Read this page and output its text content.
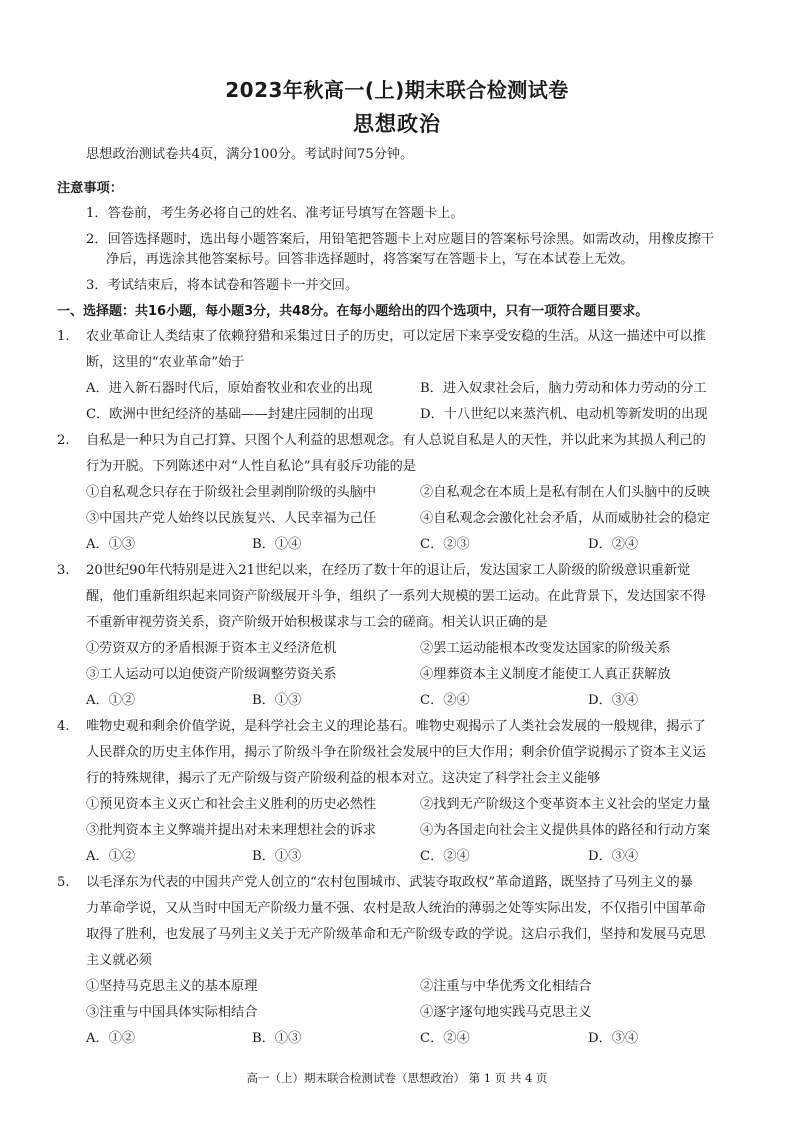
2023年秋高一(上)期末联合检测试卷
思想政治
思想政治测试卷共4页，满分100分。考试时间75分钟。
注意事项：
1．答卷前，考生务必将自己的姓名、准考证号填写在答题卡上。
2．回答选择题时，选出每小题答案后，用铅笔把答题卡上对应题目的答案标号涂黑。如需改动，用橡皮擦干
净后，再选涂其他答案标号。回答非选择题时，将答案写在答题卡上，写在本试卷上无效。
3．考试结束后，将本试卷和答题卡一并交回。
一、选择题：共16小题，每小题3分，共48分。在每小题给出的四个选项中，只有一项符合题目要求。
1. 农业革命让人类结束了依赖狩猎和采集过日子的历史，可以定居下来享受安稳的生活。从这一描述中可以推
断，这里的“农业革命”始于
A．进入新石器时代后，原始畜牧业和农业的出现	B．进入奴隶社会后，脑力劳动和体力劳动的分工
C．欧洲中世纪经济的基础——封建庄园制的出现	D．十八世纪以来蒸汽机、电动机等新发明的出现
2. 自私是一种只为自己打算、只图个人利益的思想观念。有人总说自私是人的天性，并以此来为其损人利己的
行为开脱。下列陈述中对“人性自私论”具有驳斥功能的是
①自私观念只存在于阶级社会里剥削阶级的头脑中	②自私观念在本质上是私有制在人们头脑中的反映
③中国共产党人始终以民族复兴、人民幸福为己任	④自私观念会激化社会矛盾，从而威胁社会的稳定
A．①③	B．①④	C．②③	D．②④
3. 20世纪90年代特别是进入21世纪以来，在经历了数十年的退让后，发达国家工人阶级的阶级意识重新觉
醒，他们重新组织起来同资产阶级展开斗争，组织了一系列大规模的罢工运动。在此背景下，发达国家不得
不重新审视劳资关系，资产阶级开始积极谋求与工会的磋商。相关认识正确的是
①劳资双方的矛盾根源于资本主义经济危机	②罢工运动能根本改变发达国家的阶级关系
③工人运动可以迫使资产阶级调整劳资关系	④埋葬资本主义制度才能使工人真正获解放
A．①②	B．①③	C．②④	D．③④
4. 唯物史观和剩余价值学说，是科学社会主义的理论基石。唯物史观揭示了人类社会发展的一般规律，揭示了
人民群众的历史主体作用，揭示了阶级斗争在阶级社会发展中的巨大作用；剩余价值学说揭示了资本主义运
行的特殊规律，揭示了无产阶级与资产阶级利益的根本对立。这决定了科学社会主义能够
①预见资本主义灭亡和社会主义胜利的历史必然性	②找到无产阶级这个变革资本主义社会的坚定力量
③批判资本主义弊端并提出对未来理想社会的诉求	④为各国走向社会主义提供具体的路径和行动方案
A．①②	B．①③	C．②④	D．③④
5. 以毛泽东为代表的中国共产党人创立的“农村包围城市、武装夺取政权”革命道路，既坚持了马列主义的暴
力革命学说，又从当时中国无产阶级力量不强、农村是敌人统治的薄弱之处等实际出发，不仅指引中国革命
取得了胜利，也发展了马列主义关于无产阶级革命和无产阶级专政的学说。这启示我们，坚持和发展马克思
主义就必须
①坚持马克思主义的基本原理	②注重与中华优秀文化相结合
③注重与中国具体实际相结合	④逐字逐句地实践马克思主义
A．①②	B．①③	C．②④	D．③④
高一（上）期末联合检测试卷（思想政治） 第 1 页 共 4 页
